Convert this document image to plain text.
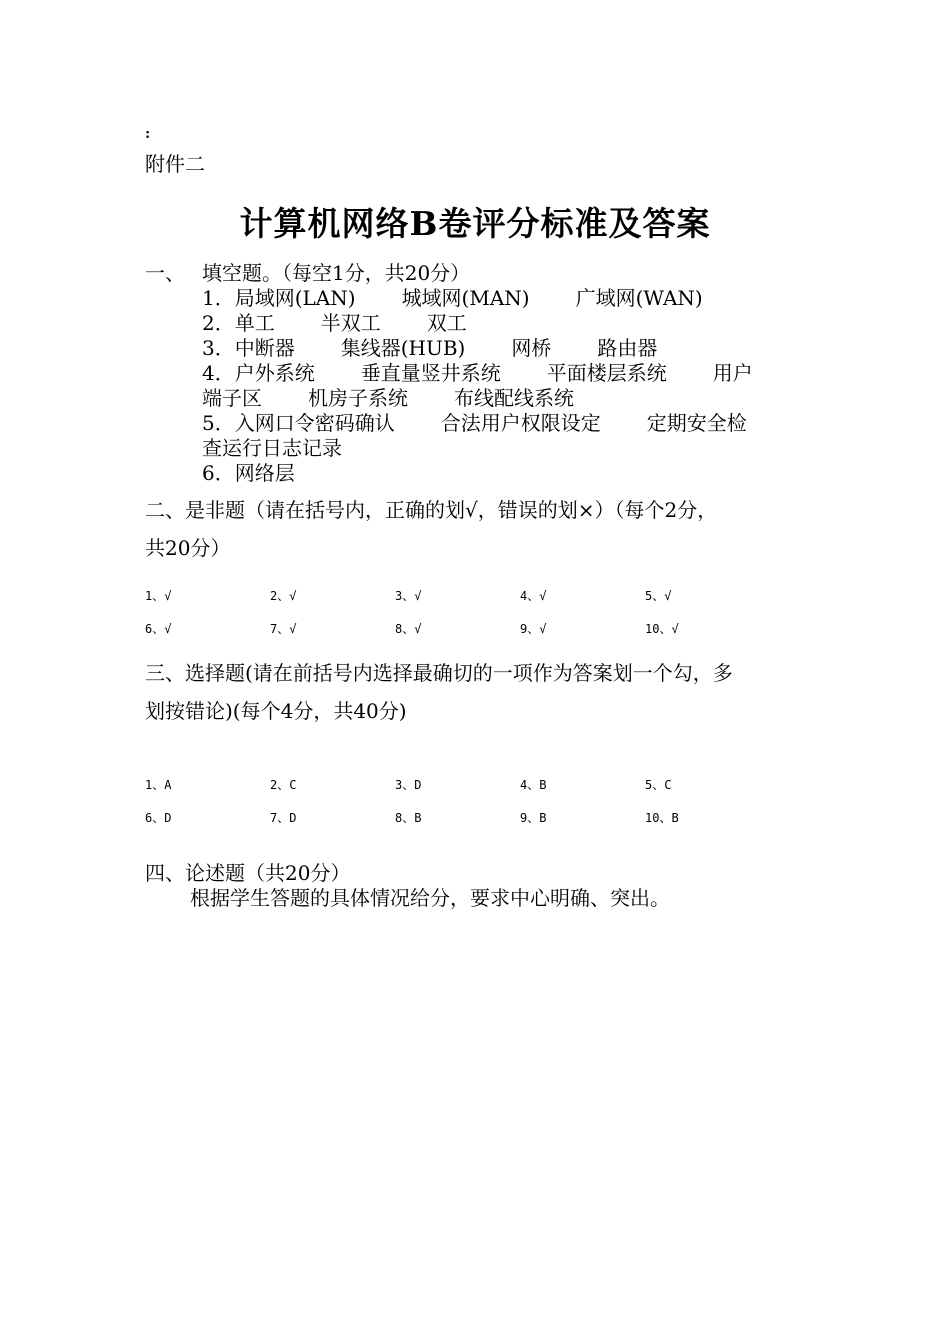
:
附件二
计算机网络B卷评分标准及答案
一、 填空题。（每空1分，共20分）
1．局域网(LAN) 城域网(MAN) 广域网(WAN)
2．单工 半双工 双工
3．中断器 集线器(HUB) 网桥 路由器
4．户外系统 垂直量竖井系统 平面楼层系统 用户
端子区 机房子系统 布线配线系统
5．入网口令密码确认 合法用户权限设定 定期安全检
查运行日志记录
6．网络层
二、是非题（请在括号内，正确的划√，错误的划×）（每个2分，
共20分）
1、√	2、√	3、√	4、√	5、√
6、√	7、√	8、√	9、√	10、√
三、选择题(请在前括号内选择最确切的一项作为答案划一个勾，多
划按错论)(每个4分，共40分)
1、A	2、C	3、D	4、B	5、C
6、D	7、D	8、B	9、B	10、B
四、论述题（共20分）
根据学生答题的具体情况给分，要求中心明确、突出。
